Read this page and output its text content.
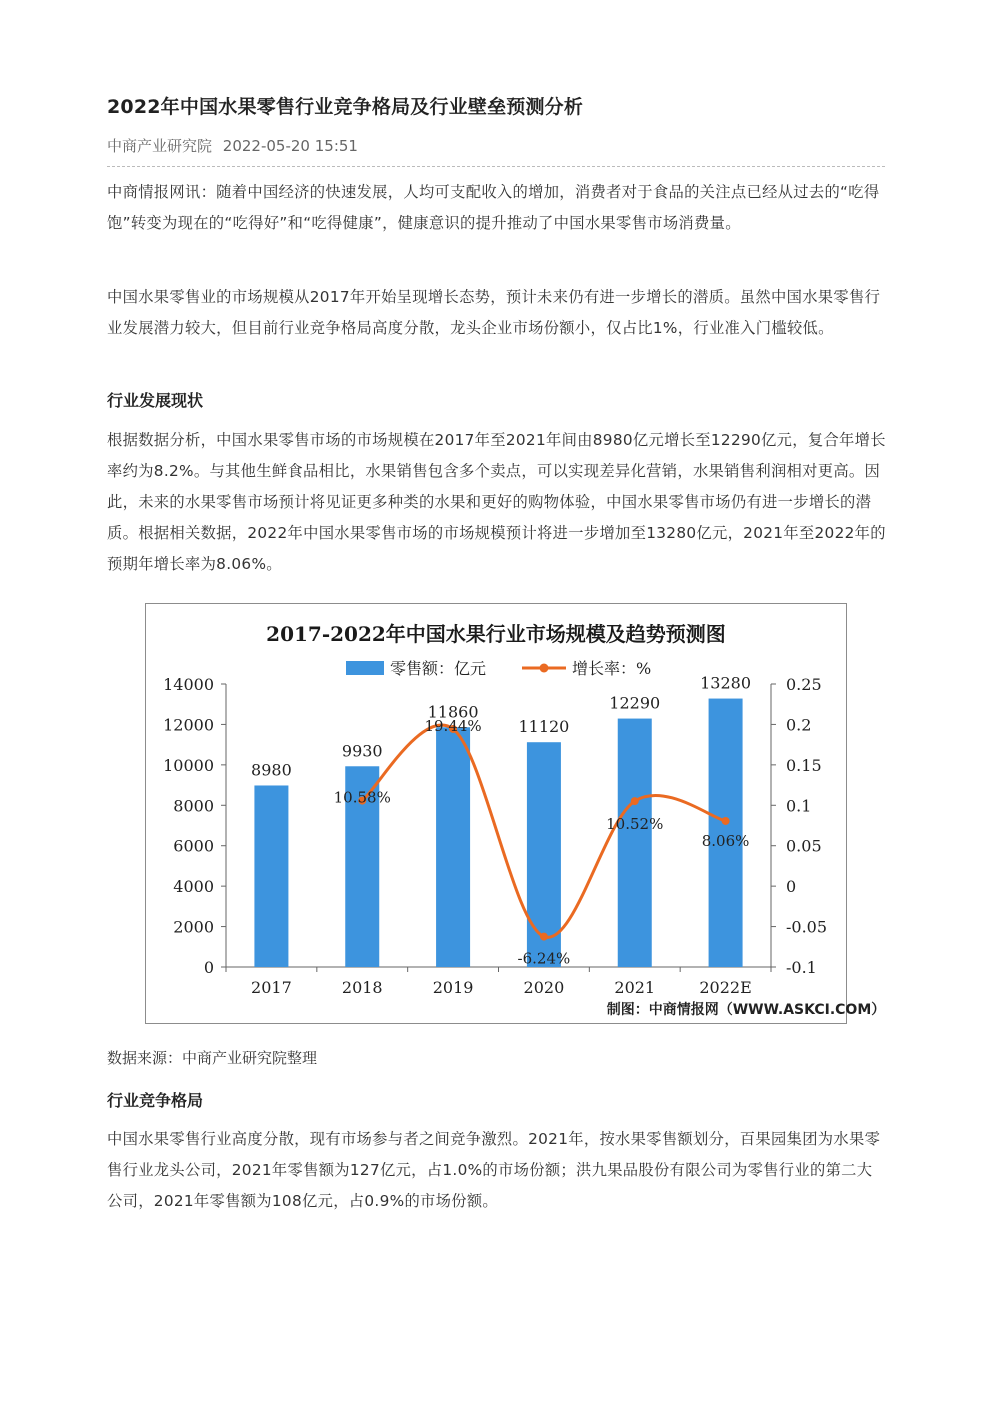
2022年中国水果零售行业竞争格局及行业壁垒预测分析
中商产业研究院 2022-05-20 15:51
中商情报网讯：随着中国经济的快速发展，人均可支配收入的增加，消费者对于食品的关注点已经从过去的“吃得饱”转变为现在的“吃得好”和“吃得健康”，健康意识的提升推动了中国水果零售市场消费量。
中国水果零售业的市场规模从2017年开始呈现增长态势，预计未来仍有进一步增长的潜质。虽然中国水果零售行业发展潜力较大，但目前行业竞争格局高度分散，龙头企业市场份额小，仅占比1%，行业准入门槛较低。
行业发展现状
根据数据分析，中国水果零售市场的市场规模在2017年至2021年间由8980亿元增长至12290亿元，复合年增长率约为8.2%。与其他生鲜食品相比，水果销售包含多个卖点，可以实现差异化营销，水果销售利润相对更高。因此，未来的水果零售市场预计将见证更多种类的水果和更好的购物体验，中国水果零售市场仍有进一步增长的潜质。根据相关数据，2022年中国水果零售市场的市场规模预计将进一步增加至13280亿元，2021年至2022年的预期年增长率为8.06%。
数据来源：中商产业研究院整理
行业竞争格局
中国水果零售行业高度分散，现有市场参与者之间竞争激烈。2021年，按水果零售额划分，百果园集团为水果零售行业龙头公司，2021年零售额为127亿元，占1.0%的市场份额；洪九果品股份有限公司为零售行业的第二大公司，2021年零售额为108亿元，占0.9%的市场份额。
2017-2022年中国水果行业市场规模及趋势预测图
零售额：亿元	增长率：%
0
2000
4000
6000
8000
10000
12000
14000
-0.1
-0.05
0
0.05
0.1
0.15
0.2
0.25
2017	2018	2019	2020	2021	2022E
8980
9930
11860
11120
12290
13280
10.58%
19.44%
-6.24%
10.52%
8.06%
制图：中商情报网（WWW.ASKCI.COM）
